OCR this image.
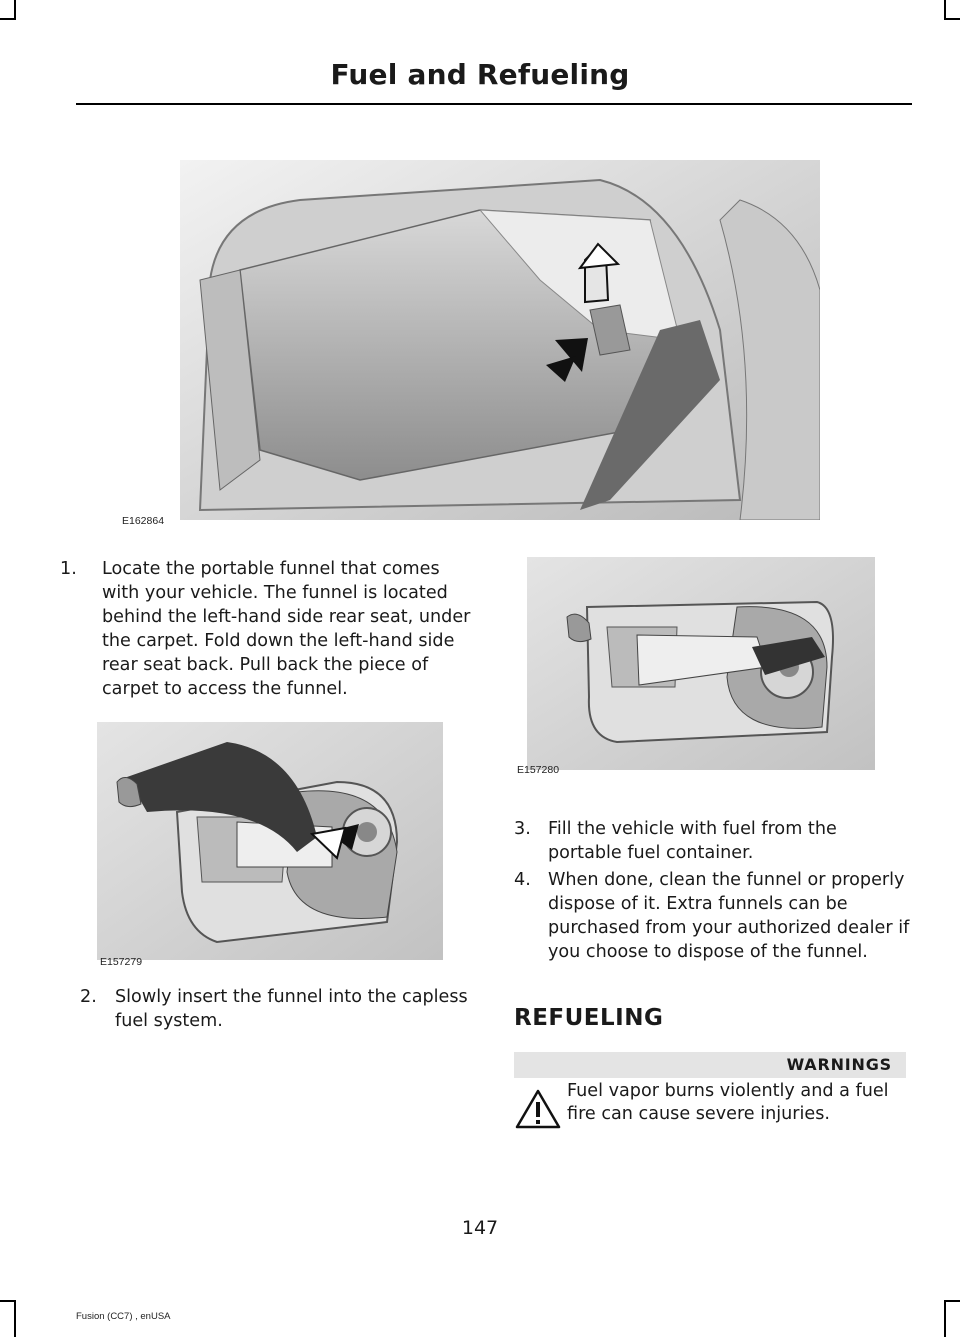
Fuel and Refueling
E162864
1.	Locate the portable funnel that comes with your vehicle. The funnel is located behind the left-hand side rear seat, under the carpet. Fold down the left-hand side rear seat back. Pull back the piece of carpet to access the funnel.
E157279
2.	Slowly insert the funnel into the capless fuel system.
E157280
3. Fill the vehicle with fuel from the portable fuel container.
4. When done, clean the funnel or properly dispose of it. Extra funnels can be purchased from your authorized dealer if you choose to dispose of the funnel.
REFUELING
WARNINGS
Fuel vapor burns violently and a fuel fire can cause severe injuries.
147
Fusion (CC7) , enUSA
